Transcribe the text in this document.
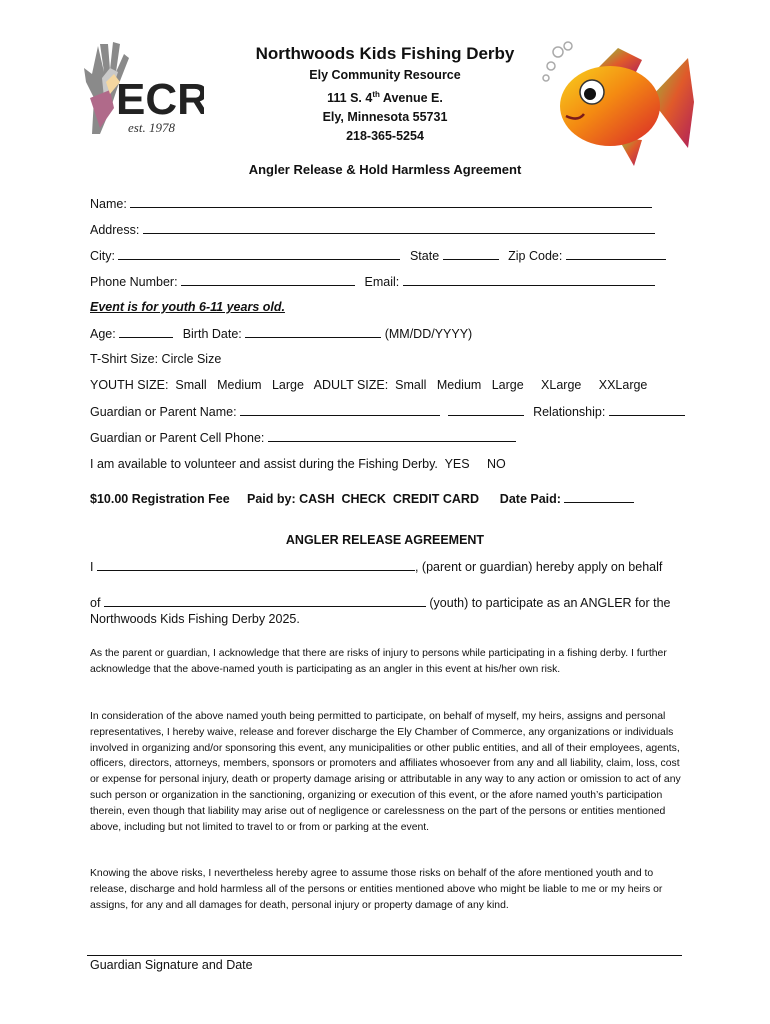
ECR
est. 1978
Northwoods Kids Fishing Derby
Ely Community Resource
111 S. 4th Avenue E.
Ely, Minnesota 55731
218-365-5254
Angler Release & Hold Harmless Agreement
Name:
Address:
City:	State	Zip Code:
Phone Number:	Email:
Event is for youth 6-11 years old.
Age:	Birth Date:	(MM/DD/YYYY)
T-Shirt Size: Circle Size
YOUTH SIZE:  Small   Medium   Large   ADULT SIZE:  Small   Medium   Large     XLarge     XXLarge
Guardian or Parent Name:	Relationship:
Guardian or Parent Cell Phone:
I am available to volunteer and assist during the Fishing Derby.  YES     NO
$10.00 Registration Fee     Paid by: CASH  CHECK  CREDIT CARD      Date Paid:
ANGLER RELEASE AGREEMENT
I	, (parent or guardian) hereby apply on behalf
of	(youth) to participate as an ANGLER for the
Northwoods Kids Fishing Derby 2025.
As the parent or guardian, I acknowledge that there are risks of injury to persons while participating in a fishing derby. I further acknowledge that the above-named youth is participating as an angler in this event at his/her own risk.
In consideration of the above named youth being permitted to participate, on behalf of myself, my heirs, assigns and personal representatives, I hereby waive, release and forever discharge the Ely Chamber of Commerce, any organizations or individuals involved in organizing and/or sponsoring this event, any municipalities or other public entities, and all of their employees, agents, officers, directors, attorneys, members, sponsors or promoters and affiliates whosoever from any and all liability, claim, loss, cost or expense for personal injury, death or property damage arising or attributable in any way to any action or omission to act of any such person or organization in the sanctioning, organizing or execution of this event, or the afore named youth’s participation therein, even though that liability may arise out of negligence or carelessness on the part of the persons or entities mentioned above, including but not limited to travel to or from or parking at the event.
Knowing the above risks, I nevertheless hereby agree to assume those risks on behalf of the afore mentioned youth and to release, discharge and hold harmless all of the persons or entities mentioned above who might be liable to me or my heirs or assigns, for any and all damages for death, personal injury or property damage of any kind.
Guardian Signature and Date
